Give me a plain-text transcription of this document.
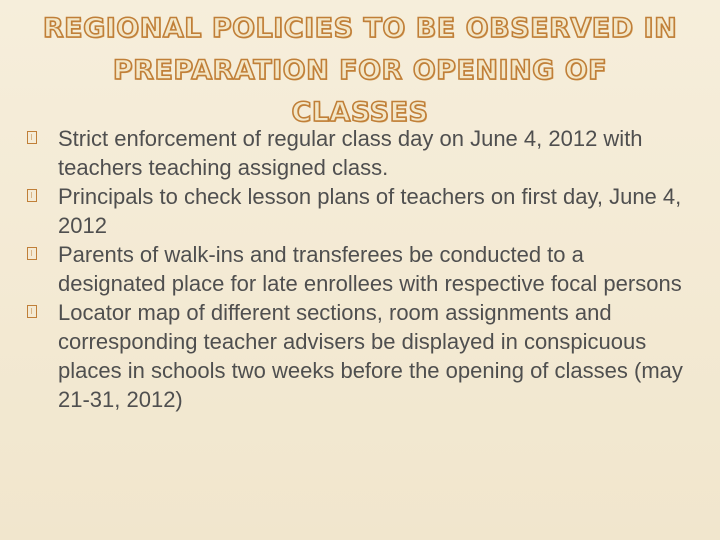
REGIONAL POLICIES TO BE OBSERVED IN
PREPARATION FOR OPENING OF CLASSES
Strict enforcement of regular class day on June 4, 2012 with teachers teaching assigned class.
Principals to check lesson plans of teachers on first day, June 4, 2012
Parents of walk-ins and transferees be conducted to a designated place for late enrollees with respective focal persons
Locator map of different sections, room assignments and corresponding teacher advisers be displayed in conspicuous places in schools two weeks before the opening of classes (may 21-31, 2012)
